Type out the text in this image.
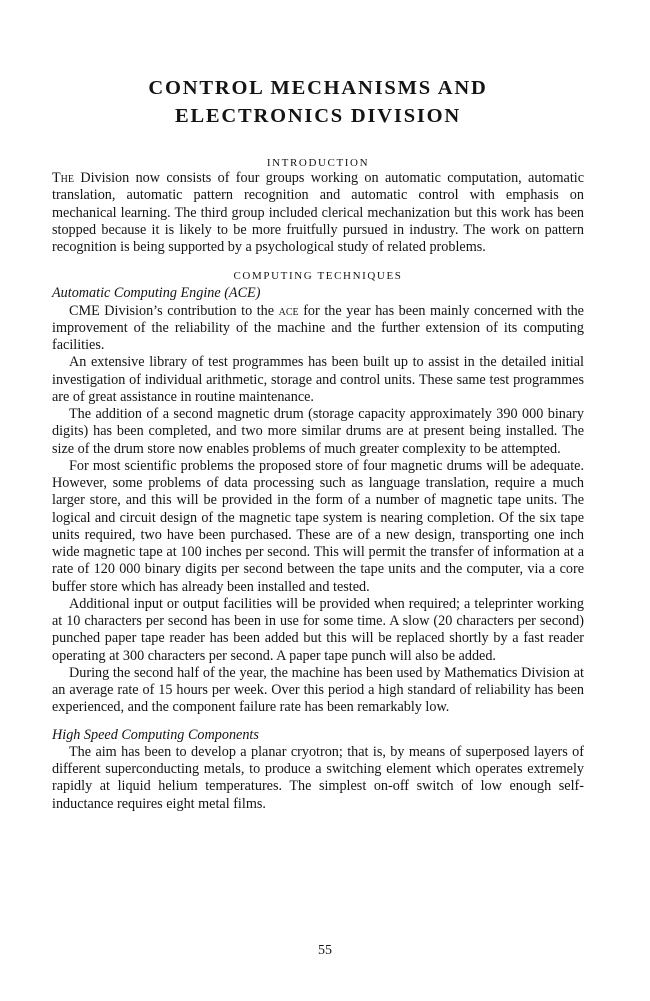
CONTROL MECHANISMS AND
ELECTRONICS DIVISION
INTRODUCTION

The Division now consists of four groups working on automatic computation, automatic translation, automatic pattern recognition and automatic control with emphasis on mechanical learning. The third group included clerical mechanization but this work has been stopped because it is likely to be more fruitfully pursued in industry. The work on pattern recognition is being supported by a psychological study of related problems.

COMPUTING TECHNIQUES
Automatic Computing Engine (ACE)

CME Division’s contribution to the ace for the year has been mainly concerned with the improvement of the reliability of the machine and the further extension of its computing facilities.

An extensive library of test programmes has been built up to assist in the detailed initial investigation of individual arithmetic, storage and control units. These same test programmes are of great assistance in routine maintenance.

The addition of a second magnetic drum (storage capacity approximately 390 000 binary digits) has been completed, and two more similar drums are at present being installed. The size of the drum store now enables problems of much greater complexity to be attempted.

For most scientific problems the proposed store of four magnetic drums will be adequate. However, some problems of data processing such as language translation, require a much larger store, and this will be provided in the form of a number of magnetic tape units. The logical and circuit design of the magnetic tape system is nearing completion. Of the six tape units required, two have been purchased. These are of a new design, transporting one inch wide magnetic tape at 100 inches per second. This will permit the transfer of information at a rate of 120 000 binary digits per second between the tape units and the computer, via a core buffer store which has already been installed and tested.

Additional input or output facilities will be provided when required; a teleprinter working at 10 characters per second has been in use for some time. A slow (20 characters per second) punched paper tape reader has been added but this will be replaced shortly by a fast reader operating at 300 characters per second. A paper tape punch will also be added.

During the second half of the year, the machine has been used by Mathematics Division at an average rate of 15 hours per week. Over this period a high standard of reliability has been experienced, and the component failure rate has been remarkably low.

High Speed Computing Components

The aim has been to develop a planar cryotron; that is, by means of superposed layers of different superconducting metals, to produce a switching element which operates extremely rapidly at liquid helium temperatures. The simplest on-off switch of low enough self-inductance requires eight metal films.

55
